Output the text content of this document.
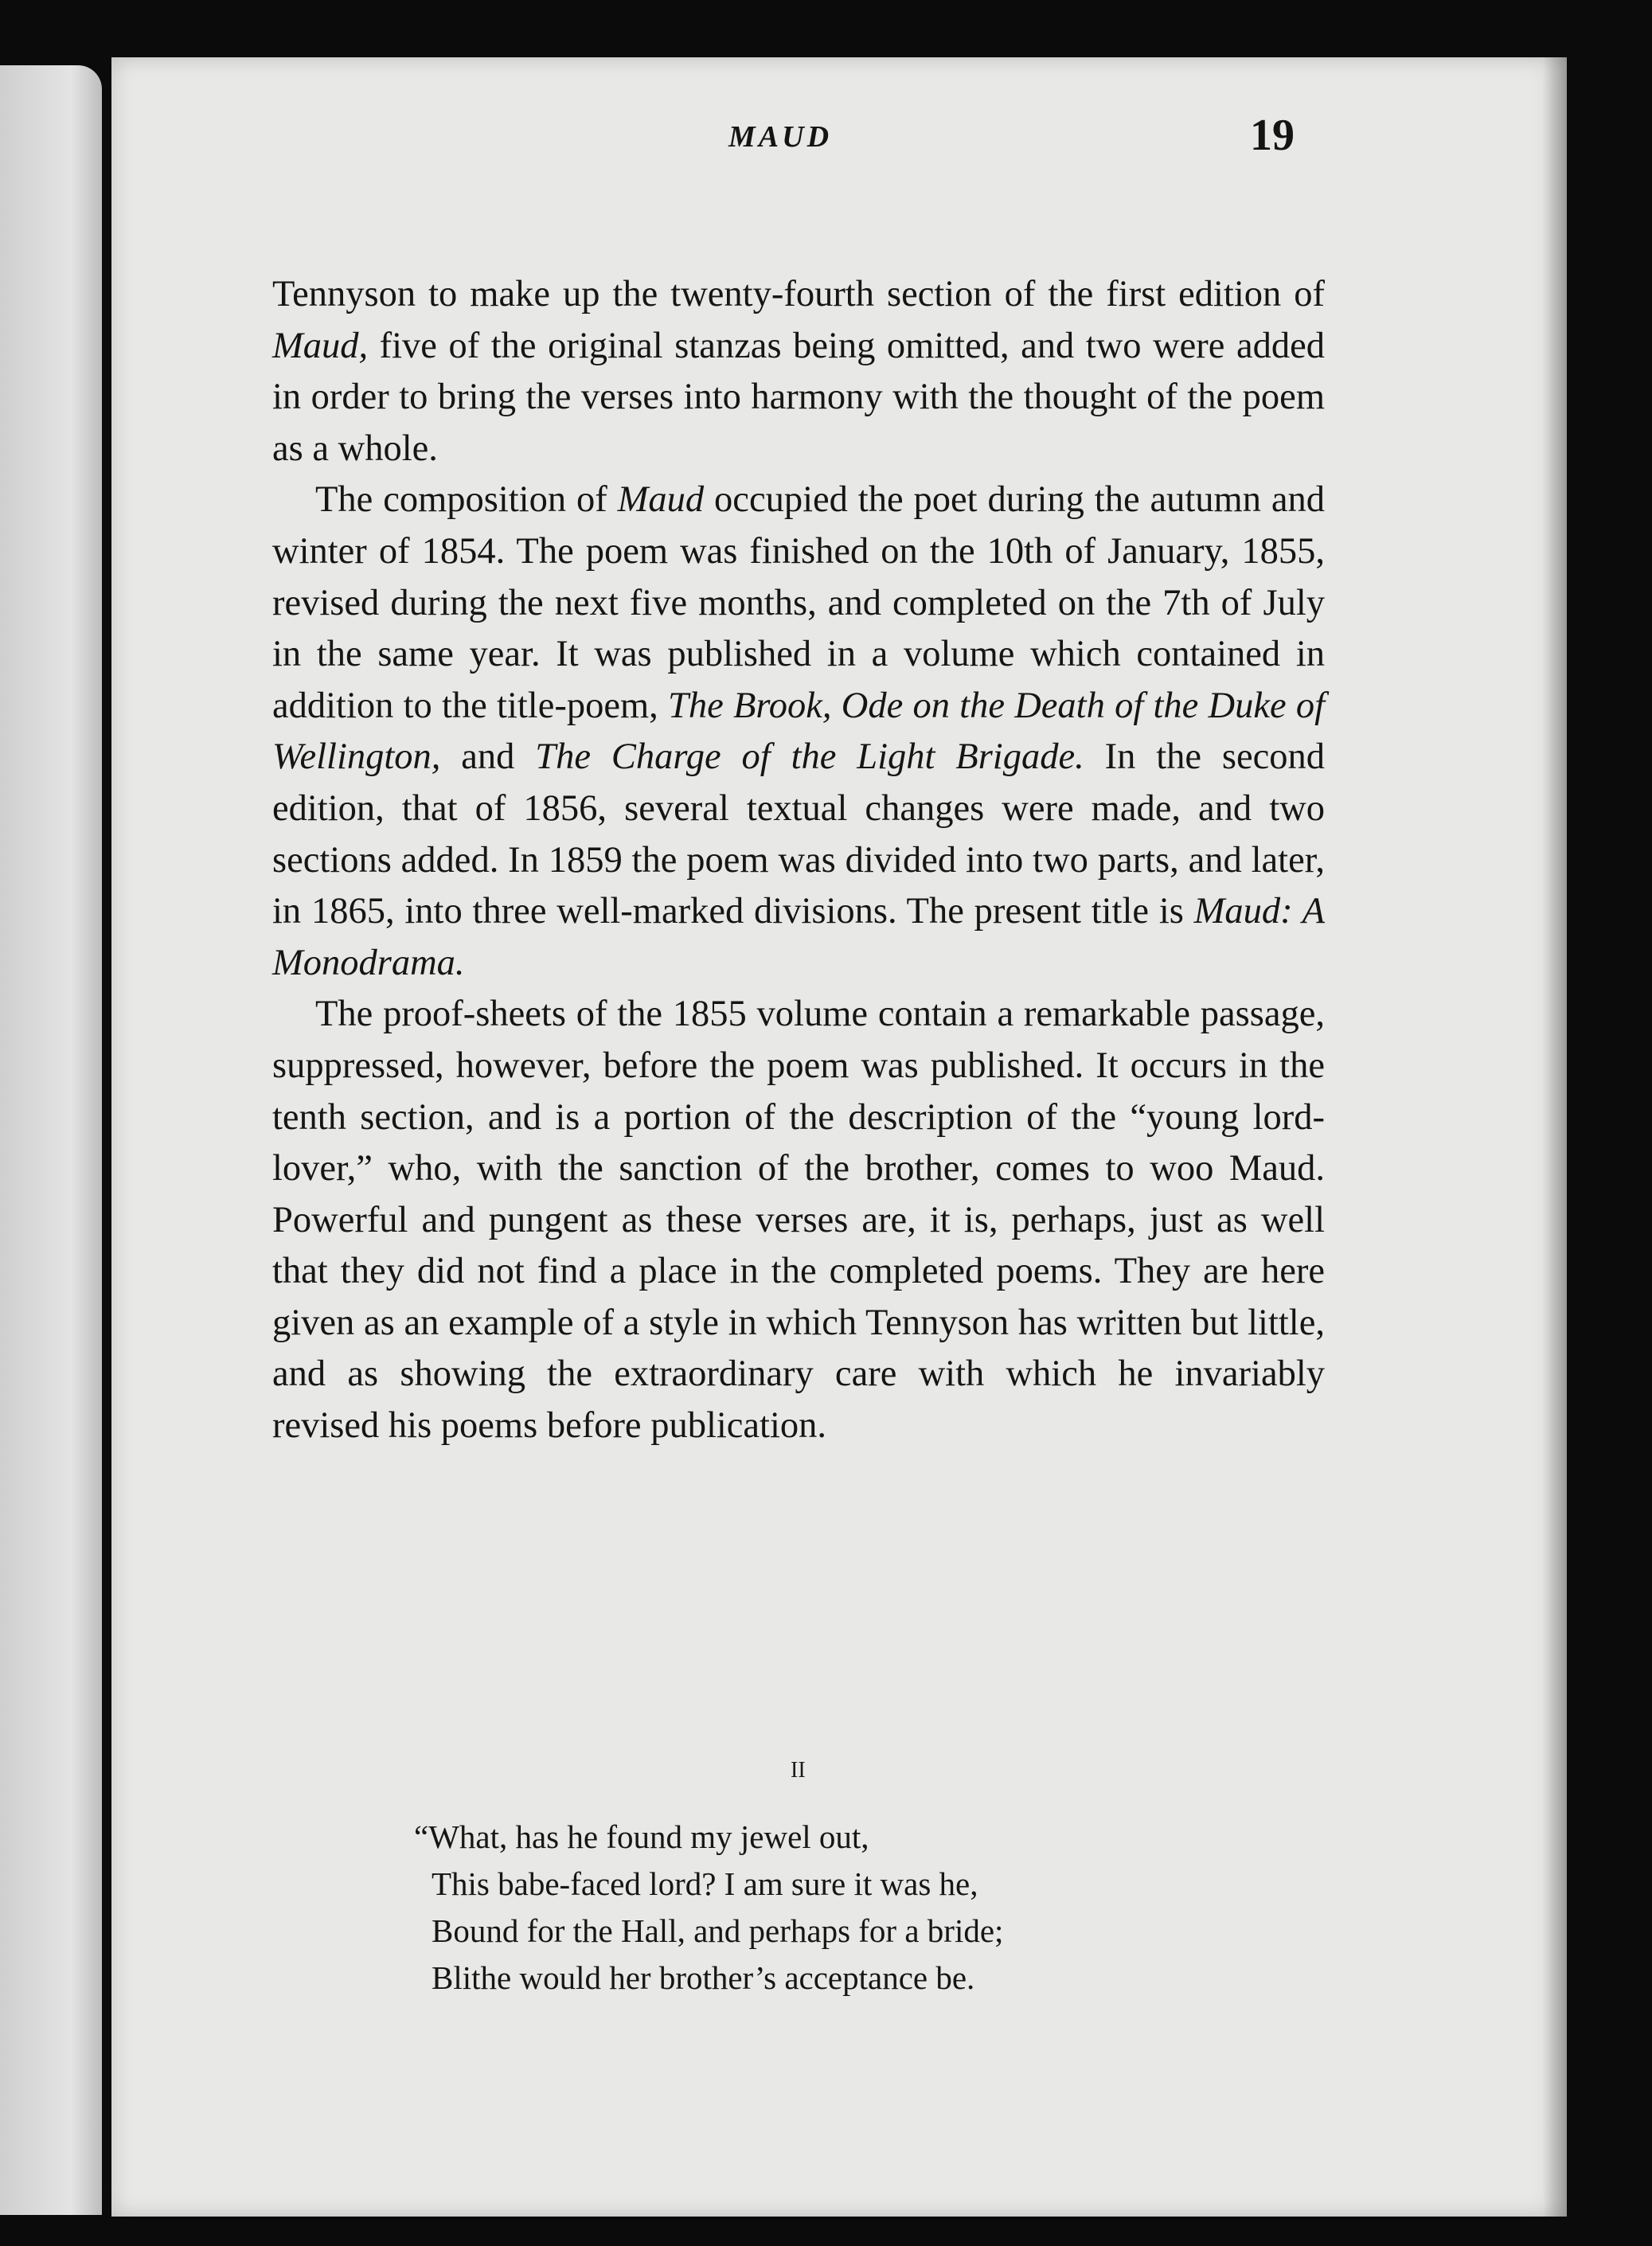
MAUD	19

Tennyson to make up the twenty-fourth section of the first edition of Maud, five of the original stanzas being omitted, and two were added in order to bring the verses into harmony with the thought of the poem as a whole.

The composition of Maud occupied the poet during the autumn and winter of 1854. The poem was finished on the 10th of January, 1855, revised during the next five months, and completed on the 7th of July in the same year. It was published in a volume which contained in addition to the title-poem, The Brook, Ode on the Death of the Duke of Wellington, and The Charge of the Light Brigade. In the second edition, that of 1856, several textual changes were made, and two sections added. In 1859 the poem was divided into two parts, and later, in 1865, into three well-marked divisions. The present title is Maud: A Monodrama.

The proof-sheets of the 1855 volume contain a remarkable passage, suppressed, however, before the poem was published. It occurs in the tenth section, and is a portion of the description of the “young lord-lover,” who, with the sanction of the brother, comes to woo Maud. Powerful and pungent as these verses are, it is, perhaps, just as well that they did not find a place in the completed poems. They are here given as an example of a style in which Tennyson has written but little, and as showing the extraordinary care with which he invariably revised his poems before publication.

II
“What, has he found my jewel out,
This babe-faced lord? I am sure it was he,
Bound for the Hall, and perhaps for a bride;
Blithe would her brother’s acceptance be.
